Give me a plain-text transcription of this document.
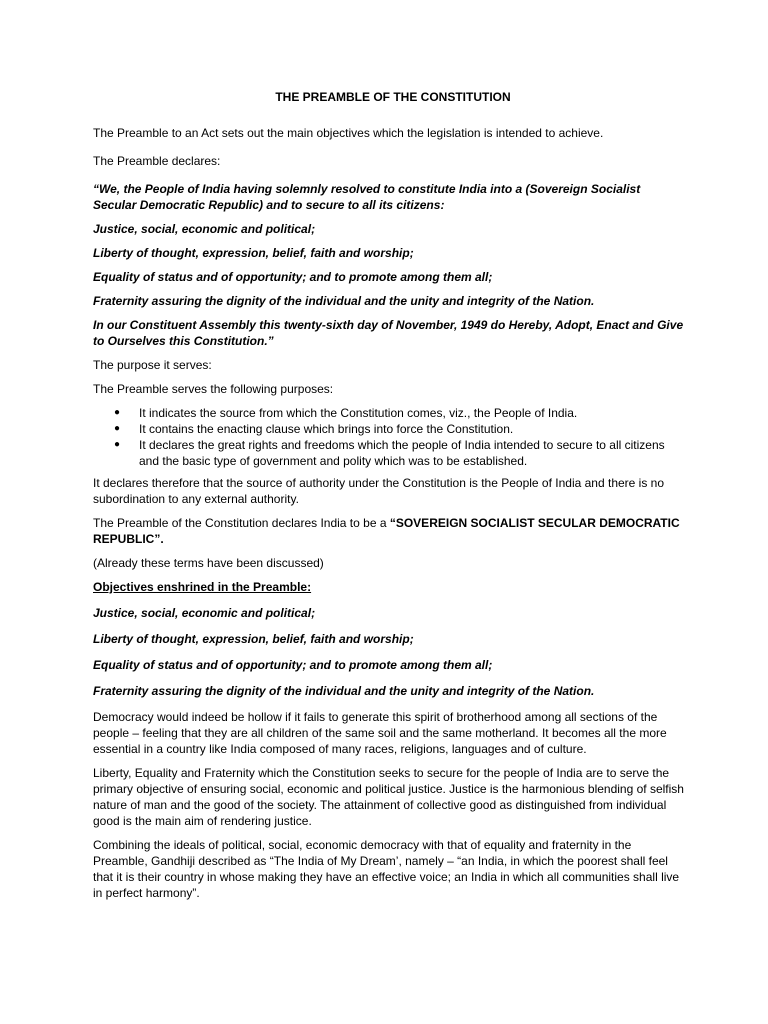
THE PREAMBLE OF THE CONSTITUTION

The Preamble to an Act sets out the main objectives which the legislation is intended to achieve.

The Preamble declares:

“We, the People of India having solemnly resolved to constitute India into a (Sovereign Socialist Secular Democratic Republic) and to secure to all its citizens:

Justice, social, economic and political;

Liberty of thought, expression, belief, faith and worship;

Equality of status and of opportunity; and to promote among them all;

Fraternity assuring the dignity of the individual and the unity and integrity of the Nation.

In our Constituent Assembly this twenty-sixth day of November, 1949 do Hereby, Adopt, Enact and Give to Ourselves this Constitution.”

The purpose it serves:

The Preamble serves the following purposes:

● It indicates the source from which the Constitution comes, viz., the People of India.
● It contains the enacting clause which brings into force the Constitution.
● It declares the great rights and freedoms which the people of India intended to secure to all citizens and the basic type of government and polity which was to be established.

It declares therefore that the source of authority under the Constitution is the People of India and there is no subordination to any external authority.

The Preamble of the Constitution declares India to be a “SOVEREIGN SOCIALIST SECULAR DEMOCRATIC REPUBLIC”.

(Already these terms have been discussed)

Objectives enshrined in the Preamble:

Justice, social, economic and political;

Liberty of thought, expression, belief, faith and worship;

Equality of status and of opportunity; and to promote among them all;

Fraternity assuring the dignity of the individual and the unity and integrity of the Nation.

Democracy would indeed be hollow if it fails to generate this spirit of brotherhood among all sections of the people – feeling that they are all children of the same soil and the same motherland. It becomes all the more essential in a country like India composed of many races, religions, languages and of culture.

Liberty, Equality and Fraternity which the Constitution seeks to secure for the people of India are to serve the primary objective of ensuring social, economic and political justice. Justice is the harmonious blending of selfish nature of man and the good of the society. The attainment of collective good as distinguished from individual good is the main aim of rendering justice.

Combining the ideals of political, social, economic democracy with that of equality and fraternity in the Preamble, Gandhiji described as “The India of My Dream’, namely – “an India, in which the poorest shall feel that it is their country in whose making they have an effective voice; an India in which all communities shall live in perfect harmony”.
